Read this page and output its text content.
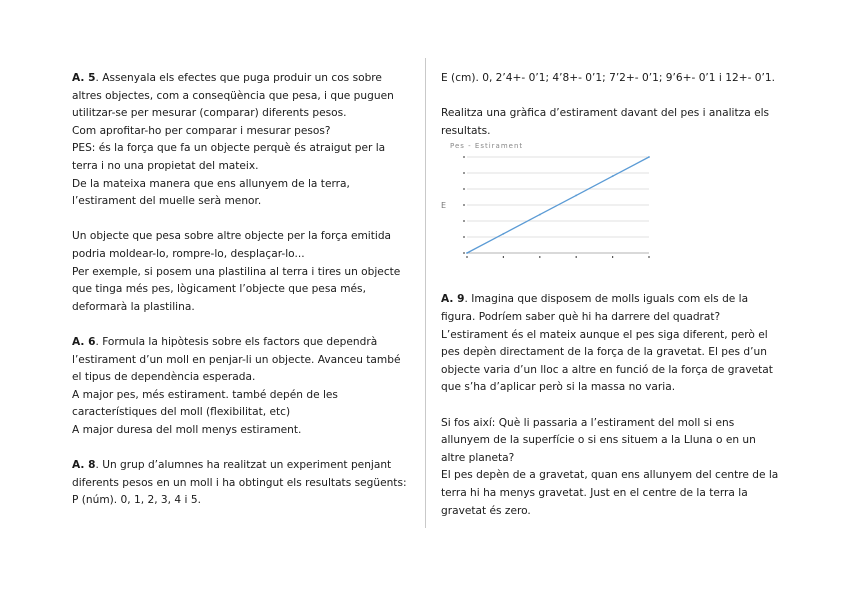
A. 5. Assenyala els efectes que puga produir un cos sobre altres objectes, com a conseqüència que pesa, i que puguen utilitzar-se per mesurar (comparar) diferents pesos.

Com aprofitar-ho per comparar i mesurar pesos?

PES: és la força que fa un objecte perquè és atraigut per la terra i no una propietat del mateix.

De la mateixa manera que ens allunyem de la terra, l’estirament del muelle serà menor.

Un objecte que pesa sobre altre objecte per la força emitida podria moldear-lo, rompre-lo, desplaçar-lo...

Per exemple, si posem una plastilina al terra i tires un objecte que tinga més pes, lògicament l’objecte que pesa més, deformarà la plastilina.

A. 6. Formula la hipòtesis sobre els factors que dependrà l’estirament d’un moll en penjar-li un objecte. Avanceu també el tipus de dependència esperada.

A major pes, més estirament. també depén de les característiques del moll (flexibilitat, etc)

A major duresa del moll menys estirament.

A. 8. Un grup d’alumnes ha realitzat un experiment penjant diferents pesos en un moll i ha obtingut els resultats següents:

P (núm). 0, 1, 2, 3, 4 i 5.

E (cm). 0, 2’4+- 0’1; 4’8+- 0’1; 7’2+- 0’1; 9’6+- 0’1 i 12+- 0’1.

Realitza una gràfica d’estirament davant del pes i analitza els resultats.

Pes - Estirament
E

A. 9. Imagina que disposem de molls iguals com els de la figura. Podríem saber què hi ha darrere del quadrat?

L’estirament és el mateix aunque el pes siga diferent, però el pes depèn directament de la força de la gravetat. El pes d’un objecte varia d’un lloc a altre en funció de la força de gravetat que s’ha d’aplicar però si la massa no varia.

Si fos així: Què li passaria a l’estirament del moll si ens allunyem de la superfície o si ens situem a la Lluna o en un altre planeta?

El pes depèn de a gravetat, quan ens allunyem del centre de la terra hi ha menys gravetat. Just en el centre de la terra la gravetat és zero.
